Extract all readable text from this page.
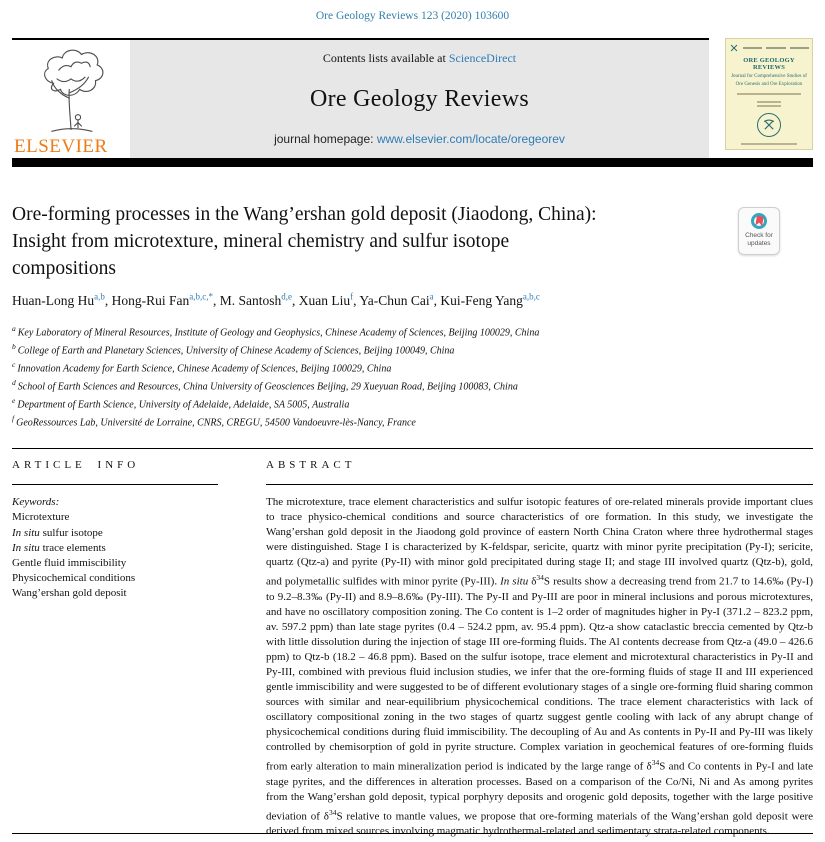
Ore Geology Reviews 123 (2020) 103600
ELSEVIER
Contents lists available at ScienceDirect
Ore Geology Reviews
journal homepage: www.elsevier.com/locate/oregeorev
ORE GEOLOGY REVIEWS
Journal for Comprehensive Studies of Ore Genesis and Ore Exploration
Ore-forming processes in the Wang’ershan gold deposit (Jiaodong, China):
Insight from microtexture, mineral chemistry and sulfur isotope
compositions
Check for updates
Huan-Long Hu$^{a,b}$, Hong-Rui Fan$^{a,b,c,*}$, M. Santosh$^{d,e}$, Xuan Liu$^f$, Ya-Chun Cai$^a$, Kui-Feng Yang$^{a,b,c}$
$^a$ Key Laboratory of Mineral Resources, Institute of Geology and Geophysics, Chinese Academy of Sciences, Beijing 100029, China
$^b$ College of Earth and Planetary Sciences, University of Chinese Academy of Sciences, Beijing 100049, China
$^c$ Innovation Academy for Earth Science, Chinese Academy of Sciences, Beijing 100029, China
$^d$ School of Earth Sciences and Resources, China University of Geosciences Beijing, 29 Xueyuan Road, Beijing 100083, China
$^e$ Department of Earth Science, University of Adelaide, Adelaide, SA 5005, Australia
$^f$ GeoRessources Lab, Université de Lorraine, CNRS, CREGU, 54500 Vandoeuvre-lès-Nancy, France
ARTICLE INFO
Keywords:
Microtexture
In situ sulfur isotope
In situ trace elements
Gentle fluid immiscibility
Physicochemical conditions
Wang’ershan gold deposit
ABSTRACT
The microtexture, trace element characteristics and sulfur isotopic features of ore-related minerals provide important clues to trace physico-chemical conditions and source characteristics of ore formation. In this study, we investigate the Wang’ershan gold deposit in the Jiaodong gold province of eastern North China Craton where three hydrothermal stages were distinguished. Stage I is characterized by K-feldspar, sericite, quartz with minor pyrite precipitation (Py-I); sericite, quartz (Qtz-a) and pyrite (Py-II) with minor gold precipitated during stage II; and stage III involved quartz (Qtz-b), gold, and polymetallic sulfides with minor pyrite (Py-III). In situ $\delta^{34}S$ results show a decreasing trend from 21.7 to 14.6‰ (Py-I) to 9.2–8.3‰ (Py-II) and 8.9–8.6‰ (Py-III). The Py-II and Py-III are poor in mineral inclusions and porous microtextures, and have no oscillatory composition zoning. The Co content is 1–2 order of magnitudes higher in Py-I (371.2 – 823.2 ppm, av. 597.2 ppm) than late stage pyrites (0.4 – 524.2 ppm, av. 95.4 ppm). Qtz-a show cataclastic breccia cemented by Qtz-b with little dissolution during the injection of stage III ore-forming fluids. The Al contents decrease from Qtz-a (49.0 – 426.6 ppm) to Qtz-b (18.2 – 46.8 ppm). Based on the sulfur isotope, trace element and microtextural characteristics in Py-II and Py-III, combined with previous fluid inclusion studies, we infer that the ore-forming fluids of stage II and III experienced gentle immiscibility and were suggested to be of different evolutionary stages of a single ore-forming fluid sharing common sources with similar and near-equilibrium physicochemical conditions. The trace element characteristics with lack of oscillatory compositional zoning in the two stages of quartz suggest gentle cooling with lack of any abrupt change of physicochemical conditions during fluid immiscibility. The decoupling of Au and As contents in Py-II and Py-III was likely controlled by chemisorption of gold in pyrite structure. Complex variation in geochemical features of ore-forming fluids from early alteration to main mineralization period is indicated by the large range of $\delta^{34}S$ and Co contents in Py-I and late stage pyrites, and the differences in alteration processes. Based on a comparison of the Co/Ni, Ni and As among pyrites from the Wang’ershan gold deposit, typical porphyry deposits and orogenic gold deposits, together with the large positive deviation of $\delta^{34}S$ relative to mantle values, we propose that ore-forming materials of the Wang’ershan gold deposit were derived from mixed sources involving magmatic hydrothermal-related and sedimentary strata-related components.
